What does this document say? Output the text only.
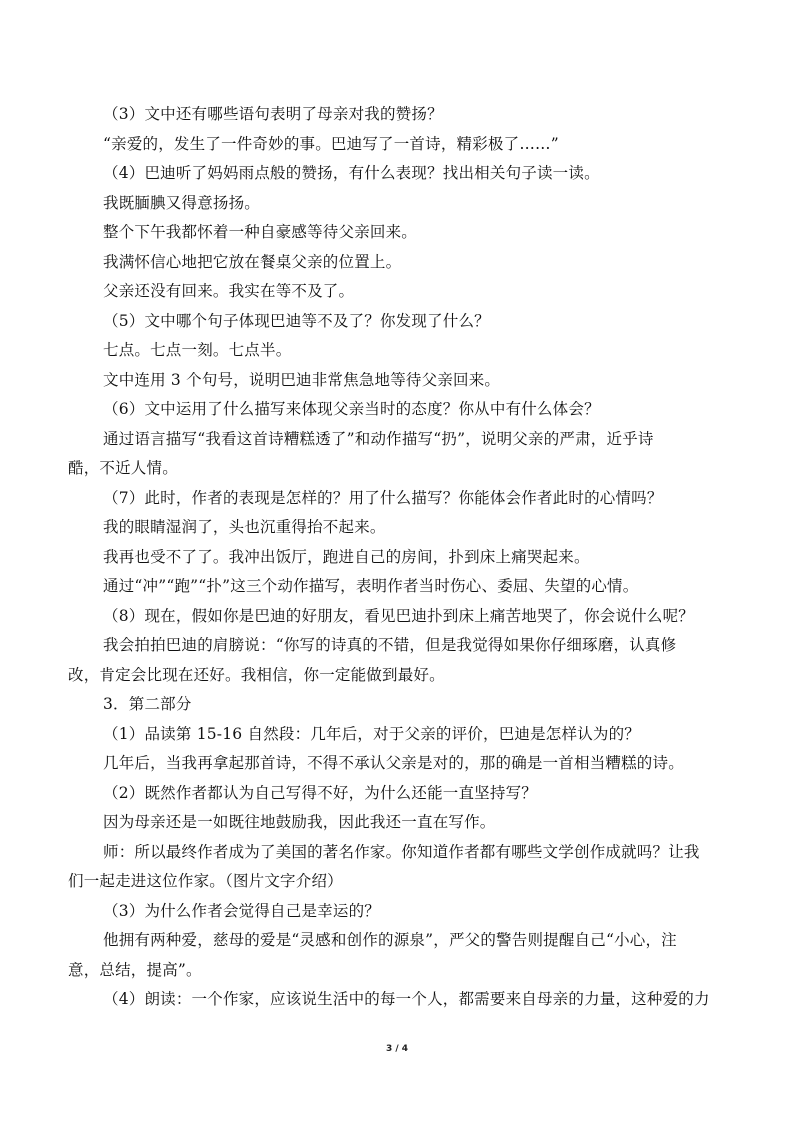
（3）文中还有哪些语句表明了母亲对我的赞扬？
“亲爱的，发生了一件奇妙的事。巴迪写了一首诗，精彩极了……”
（4）巴迪听了妈妈雨点般的赞扬，有什么表现？找出相关句子读一读。
我既腼腆又得意扬扬。
整个下午我都怀着一种自豪感等待父亲回来。
我满怀信心地把它放在餐桌父亲的位置上。
父亲还没有回来。我实在等不及了。
（5）文中哪个句子体现巴迪等不及了？你发现了什么？
七点。七点一刻。七点半。
文中连用 3 个句号，说明巴迪非常焦急地等待父亲回来。
（6）文中运用了什么描写来体现父亲当时的态度？你从中有什么体会？
通过语言描写“我看这首诗糟糕透了”和动作描写“扔”，说明父亲的严肃，近乎诗
酷，不近人情。
（7）此时，作者的表现是怎样的？用了什么描写？你能体会作者此时的心情吗？
我的眼睛湿润了，头也沉重得抬不起来。
我再也受不了了。我冲出饭厅，跑进自己的房间，扑到床上痛哭起来。
通过“冲”“跑”“扑”这三个动作描写，表明作者当时伤心、委屈、失望的心情。
（8）现在，假如你是巴迪的好朋友，看见巴迪扑到床上痛苦地哭了，你会说什么呢？
我会拍拍巴迪的肩膀说：“你写的诗真的不错，但是我觉得如果你仔细琢磨，认真修
改，肯定会比现在还好。我相信，你一定能做到最好。
3．第二部分
（1）品读第 15-16 自然段：几年后，对于父亲的评价，巴迪是怎样认为的？
几年后，当我再拿起那首诗，不得不承认父亲是对的，那的确是一首相当糟糕的诗。
（2）既然作者都认为自己写得不好，为什么还能一直坚持写？
因为母亲还是一如既往地鼓励我，因此我还一直在写作。
师：所以最终作者成为了美国的著名作家。你知道作者都有哪些文学创作成就吗？让我
们一起走进这位作家。（图片文字介绍）
（3）为什么作者会觉得自己是幸运的？
他拥有两种爱，慈母的爱是“灵感和创作的源泉”，严父的警告则提醒自己“小心，注
意，总结，提高”。
（4）朗读：一个作家，应该说生活中的每一个人，都需要来自母亲的力量，这种爱的力
3 / 4
